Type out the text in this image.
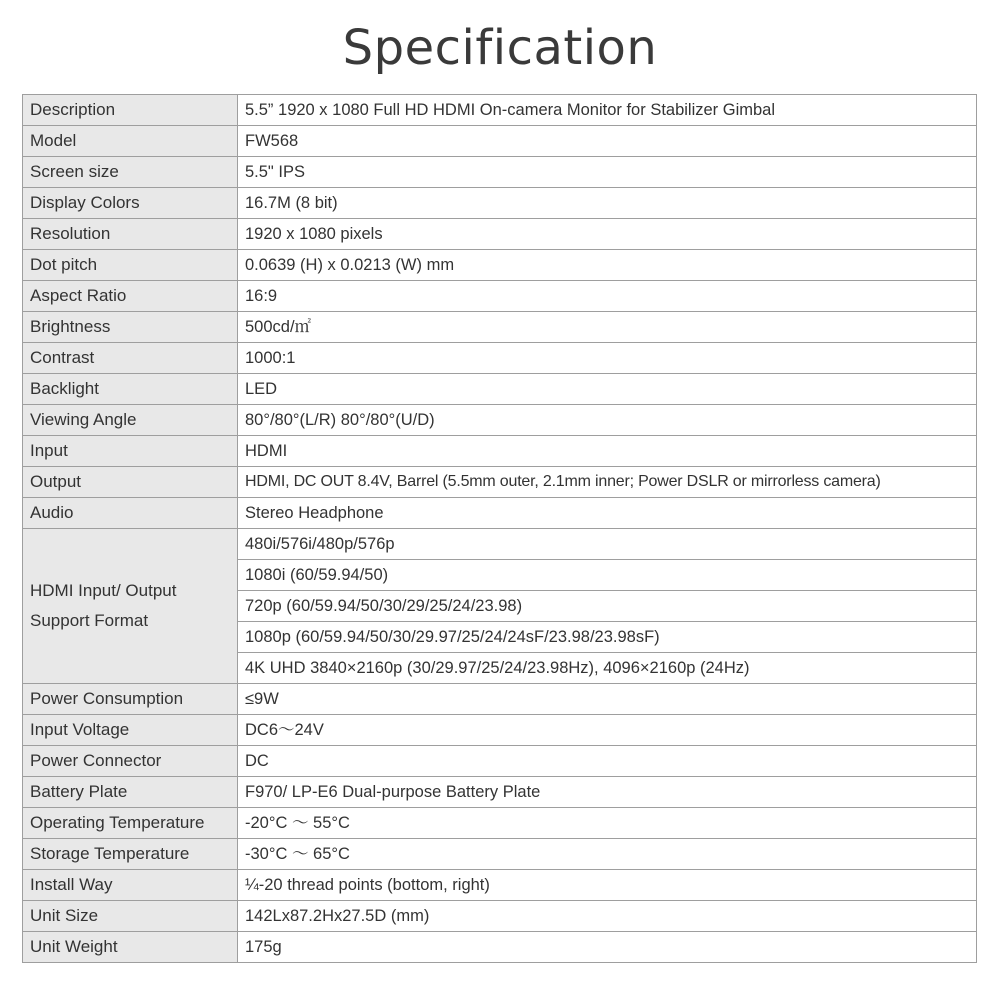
Specification
Description	5.5” 1920 x 1080 Full HD HDMI On-camera Monitor for Stabilizer Gimbal
Model	FW568
Screen size	5.5" IPS
Display Colors	16.7M (8 bit)
Resolution	1920 x 1080 pixels
Dot pitch	0.0639 (H) x 0.0213 (W) mm
Aspect Ratio	16:9
Brightness	500cd/㎡
Contrast	1000:1
Backlight	LED
Viewing Angle	80°/80°(L/R) 80°/80°(U/D)
Input	HDMI
Output	HDMI, DC OUT 8.4V, Barrel (5.5mm outer, 2.1mm inner; Power DSLR or mirrorless camera)
Audio	Stereo Headphone

HDMI Input/ Output
Support Format	480i/576i/480p/576p
	1080i (60/59.94/50)
	720p (60/59.94/50/30/29/25/24/23.98)
	1080p (60/59.94/50/30/29.97/25/24/24sF/23.98/23.98sF)
	4K UHD 3840×2160p (30/29.97/25/24/23.98Hz), 4096×2160p (24Hz)
Power Consumption	≤9W
Input Voltage	DC6～24V
Power Connector	DC
Battery Plate	F970/ LP-E6 Dual-purpose Battery Plate
Operating Temperature	-20°C ～ 55°C
Storage Temperature	-30°C ～ 65°C
Install Way	¼-20 thread points (bottom, right)
Unit Size	142Lx87.2Hx27.5D (mm)
Unit Weight	175g
